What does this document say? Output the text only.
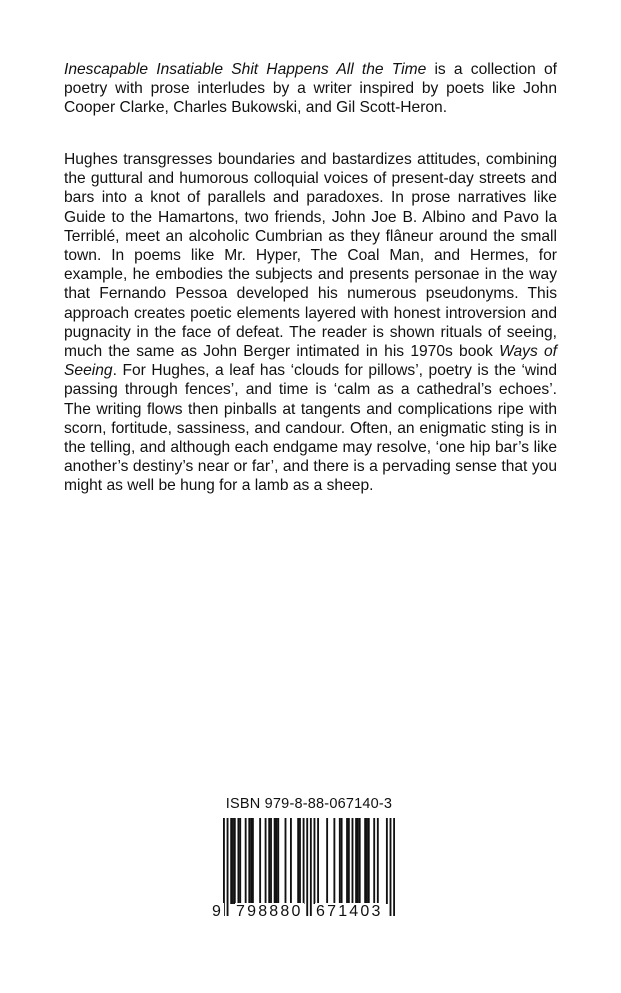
Inescapable Insatiable Shit Happens All the Time is a collection of poetry with prose interludes by a writer inspired by poets like John Cooper Clarke, Charles Bukowski, and Gil Scott-Heron.

Hughes transgresses boundaries and bastardizes attitudes, combining the guttural and humorous colloquial voices of present-day streets and bars into a knot of parallels and paradoxes. In prose narratives like Guide to the Hamartons, two friends, John Joe B. Albino and Pavo la Terriblé, meet an alcoholic Cumbrian as they flâneur around the small town. In poems like Mr. Hyper, The Coal Man, and Hermes, for example, he embodies the subjects and presents personae in the way that Fernando Pessoa developed his numerous pseudonyms. This approach creates poetic elements layered with honest introversion and pugnacity in the face of defeat. The reader is shown rituals of seeing, much the same as John Berger intimated in his 1970s book Ways of Seeing. For Hughes, a leaf has ‘clouds for pillows’, poetry is the ‘wind passing through fences’, and time is ‘calm as a cathedral’s echoes’. The writing flows then pinballs at tangents and complications ripe with scorn, fortitude, sassiness, and candour. Often, an enigmatic sting is in the telling, and although each endgame may resolve, ‘one hip bar’s like another’s destiny’s near or far’, and there is a pervading sense that you might as well be hung for a lamb as a sheep.

ISBN 979-8-88-067140-3
9 798880 671403
